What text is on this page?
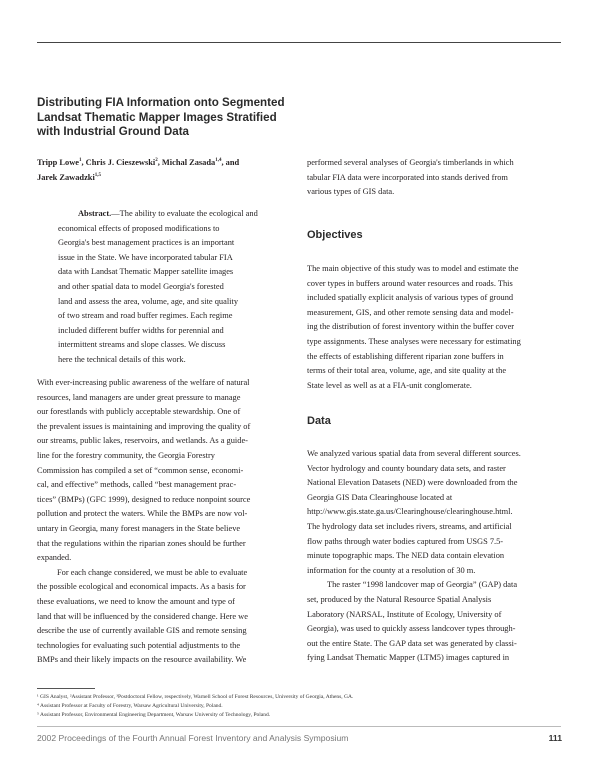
Distributing FIA Information onto Segmented
Landsat Thematic Mapper Images Stratified
with Industrial Ground Data
Tripp Lowe$^1$, Chris J. Cieszewski$^2$, Michal Zasada$^{1,4}$, and
Jarek Zawadzki$^{1,5}$
Abstract.—The ability to evaluate the ecological and
economical effects of proposed modifications to
Georgia's best management practices is an important
issue in the State. We have incorporated tabular FIA
data with Landsat Thematic Mapper satellite images
and other spatial data to model Georgia's forested
land and assess the area, volume, age, and site quality
of two stream and road buffer regimes. Each regime
included different buffer widths for perennial and
intermittent streams and slope classes. We discuss
here the technical details of this work.
With ever-increasing public awareness of the welfare of natural
resources, land managers are under great pressure to manage
our forestlands with publicly acceptable stewardship. One of
the prevalent issues is maintaining and improving the quality of
our streams, public lakes, reservoirs, and wetlands. As a guide-
line for the forestry community, the Georgia Forestry
Commission has compiled a set of “common sense, economi-
cal, and effective” methods, called “best management prac-
tices” (BMPs) (GFC 1999), designed to reduce nonpoint source
pollution and protect the waters. While the BMPs are now vol-
untary in Georgia, many forest managers in the State believe
that the regulations within the riparian zones should be further
expanded.
For each change considered, we must be able to evaluate
the possible ecological and economical impacts. As a basis for
these evaluations, we need to know the amount and type of
land that will be influenced by the considered change. Here we
describe the use of currently available GIS and remote sensing
technologies for evaluating such potential adjustments to the
BMPs and their likely impacts on the resource availability. We
performed several analyses of Georgia's timberlands in which
tabular FIA data were incorporated into stands derived from
various types of GIS data.
Objectives
The main objective of this study was to model and estimate the
cover types in buffers around water resources and roads. This
included spatially explicit analysis of various types of ground
measurement, GIS, and other remote sensing data and model-
ing the distribution of forest inventory within the buffer cover
type assignments. These analyses were necessary for estimating
the effects of establishing different riparian zone buffers in
terms of their total area, volume, age, and site quality at the
State level as well as at a FIA-unit conglomerate.
Data
We analyzed various spatial data from several different sources.
Vector hydrology and county boundary data sets, and raster
National Elevation Datasets (NED) were downloaded from the
Georgia GIS Data Clearinghouse located at
http://www.gis.state.ga.us/Clearinghouse/clearinghouse.html.
The hydrology data set includes rivers, streams, and artificial
flow paths through water bodies captured from USGS 7.5-
minute topographic maps. The NED data contain elevation
information for the county at a resolution of 30 m.
The raster “1998 landcover map of Georgia” (GAP) data
set, produced by the Natural Resource Spatial Analysis
Laboratory (NARSAL, Institute of Ecology, University of
Georgia), was used to quickly assess landcover types through-
out the entire State. The GAP data set was generated by classi-
fying Landsat Thematic Mapper (LTM5) images captured in
¹ GIS Analyst, ²Assistant Professor, ³Postdoctoral Fellow, respectively, Warnell School of Forest Resources, University of Georgia, Athens, GA.
⁴ Assistant Professor at Faculty of Forestry, Warsaw Agricultural University, Poland.
⁵ Assistant Professor, Environmental Engineering Department, Warsaw University of Technology, Poland.
2002 Proceedings of the Fourth Annual Forest Inventory and Analysis Symposium	111
